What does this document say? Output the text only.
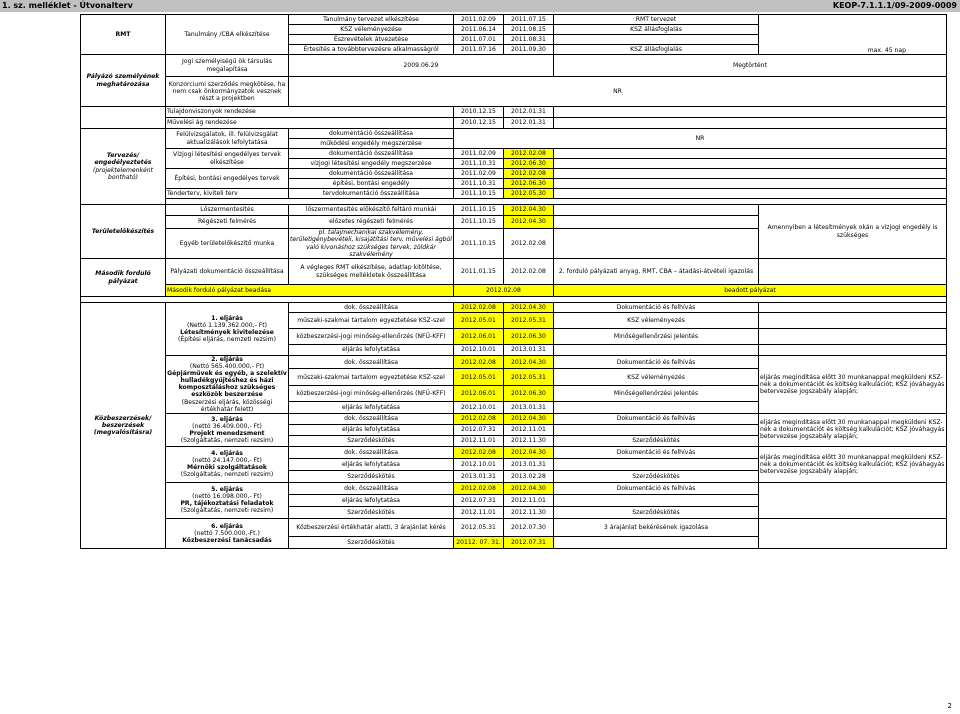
1. sz. melléklet - Útvonalterv	KEOP-7.1.1.1/09-2009-0009
RMT	Tanulmány /CBA elkészítése	Tanulmány tervezet elkészítése	2011.02.09	2011.07.15	RMT tervezet	max. 45 nap
		KSZ véleményezése	2011.06.14	2011.08.15	KSZ állásfoglalás	
		Észrevételek átvezetése	2011.07.01	2011.08.31		
		Értesítés a továbbtervezésre alkalmasságról	2011.07.16	2011.09.30	KSZ állásfoglalás	
Pályázó személyének meghatározása	Jogi személyiségű ök társulás megalapítása	2009.06.29			Megtörtént	
	Konzorciumi szerződés megkötése, ha nem csak önkormányzatok vesznek részt a projektben	NR				
	Tulajdonviszonyok rendezése		2010.12.15	2012.01.31		
	Művelési ág rendezése		2010.12.15	2012.01.31		
Tervezés/ engedélyeztetés
(projektelemenként bontható)	Felülvizsgálatok, ill. felülvizsgálat aktualizálások lefolytatása	dokumentáció összeállítása	NR			
		működési engedély megszerzése				
	Vízjogi létesítési engedélyes tervek elkészítése	dokumentáció összeállítása	2011.02.09	2012.02.08		
		vízjogi létesítési engedély megszerzése	2011.10.31	2012.06.30		
	Építési, bontási engedélyes tervek	dokumentáció összeállítása	2011.02.09	2012.02.08		
		építési, bontási engedély	2011.10.31	2012.06.30		
	Tenderterv, kiviteli terv	tervdokumentáció összeállítása	2011.10.15	2012.05.30		

Területelőkészítés	Lőszermentesítés	lőszermentesítés előkészítő feltáró munkái	2011.10.15	2012.04.30		Amennyiben a létesítmények okán a vízjogi engedély is szükséges
	Régészeti felmérés	előzetes régészeti felmérés	2011.10.15	2012.04.30		
	Egyéb területelőkészítő munka	pl. talajmechanikai szakvélemény, területigénybevételi, kisajátítási terv, művelési ágból való kivonáshoz szükséges tervek, zöldkár szakvélemény	2011.10.15	2012.02.08		
Második forduló pályázat	Pályázati dokumentáció összeállítása	A végleges RMT elkészítése, adatlap kitöltése, szükséges mellékletek összeállítása	2011.01.15	2012.02.08	2. forduló pályázati anyag, RMT, CBA – átadási-átvételi igazolás	
	Második forduló pályázat beadása		2012.02.08		beadott pályázat	

Közbeszerzések/ beszerzések (megvalósításra)	1. eljárás
(Nettó 1.139.362.000,- Ft)
Létesítmények kivitelezése
(Építési eljárás, nemzeti rezsim)	dok. összeállítása	2012.02.08	2012.04.30	Dokumentáció és felhívás	
		műszaki-szakmai tartalom egyeztetése KSZ-szel	2012.05.01	2012.05.31	KSZ véleményezés	
		közbeszerzési-jogi minőség-ellenőrzés (NFÜ-KFF)	2012.06.01	2012.06.30	Minőségellenőrzési Jelentés	
		eljárás lefolytatása	2012.10.01	2013.01.31		
	2. eljárás
(Nettó 565.400.000,- Ft)
Gépjárművek és egyéb, a szelektív hulladékgyűjtéshez és házi komposztáláshoz szükséges eszközök beszerzése
(Beszerzési eljárás, közösségi értékhatár felett)	dok. összeállítása	2012.02.08	2012.04.30	Dokumentáció és felhívás	eljárás megindítása előtt 30 munkanappal megküldeni KSZ-nek a dokumentációt és költség kalkulációt; KSZ jóváhagyás betervezése jogszabály alapján;
		műszaki-szakmai tartalom egyeztetése KSZ-szel	2012.05.01	2012.05.31	KSZ véleményezés	
		közbeszerzési-jogi minőség-ellenőrzés (NFÜ-KFF)	2012.06.01	2012.06.30	Minőségellenőrzési Jelentés	
		eljárás lefolytatása	2012.10.01	2013.01.31		
	3. eljárás
(nettó 36.409.000,- Ft)
Projekt menedzsment
(Szolgáltatás, nemzeti rezsim)	dok. összeállítása	2012.02.08	2012.04.30	Dokumentáció és felhívás	eljárás megindítása előtt 30 munkanappal megküldeni KSZ-nek a dokumentációt és költség kalkulációt; KSZ jóváhagyás betervezése jogszabály alapján;
		eljárás lefolytatása	2012.07.31	2012.11.01		
		Szerződéskötés	2012.11.01	2012.11.30	Szerződéskötés	
	4. eljárás
(nettó 24.147.000,- Ft)
Mérnöki szolgáltatások
(Szolgáltatás, nemzeti rezsim)	dok. összeállítása	2012.02.08	2012.04.30	Dokumentáció és felhívás	eljárás megindítása előtt 30 munkanappal megküldeni KSZ-nek a dokumentációt és költség kalkulációt; KSZ jóváhagyás betervezése jogszabály alapján;
		eljárás lefolytatása	2012.10.01	2013.01.31		
		Szerződéskötés	2013.01.31	2013.02.28	Szerződéskötés	
	5. eljárás
(nettó 16.098.000,- Ft)
PR, tájékoztatási feladatok
(Szolgáltatás, nemzeti rezsim)	dok. összeállítása	2012.02.08	2012.04.30	Dokumentáció és felhívás	
		eljárás lefolytatása	2012.07.31	2012.11.01		
		Szerződéskötés	2012.11.01	2012.11.30	Szerződéskötés	
	6. eljárás
(nettó 7.500.000,-Ft.)
Közbeszerzési tanácsadás	Közbeszerzési értékhatár alatti, 3 árajánlat kérés	2012.05.31	2012.07.30	3 árajánlat bekérésének igazolása	
		Szerződéskötés	20112. 07. 31.	2012.07.31		
2
